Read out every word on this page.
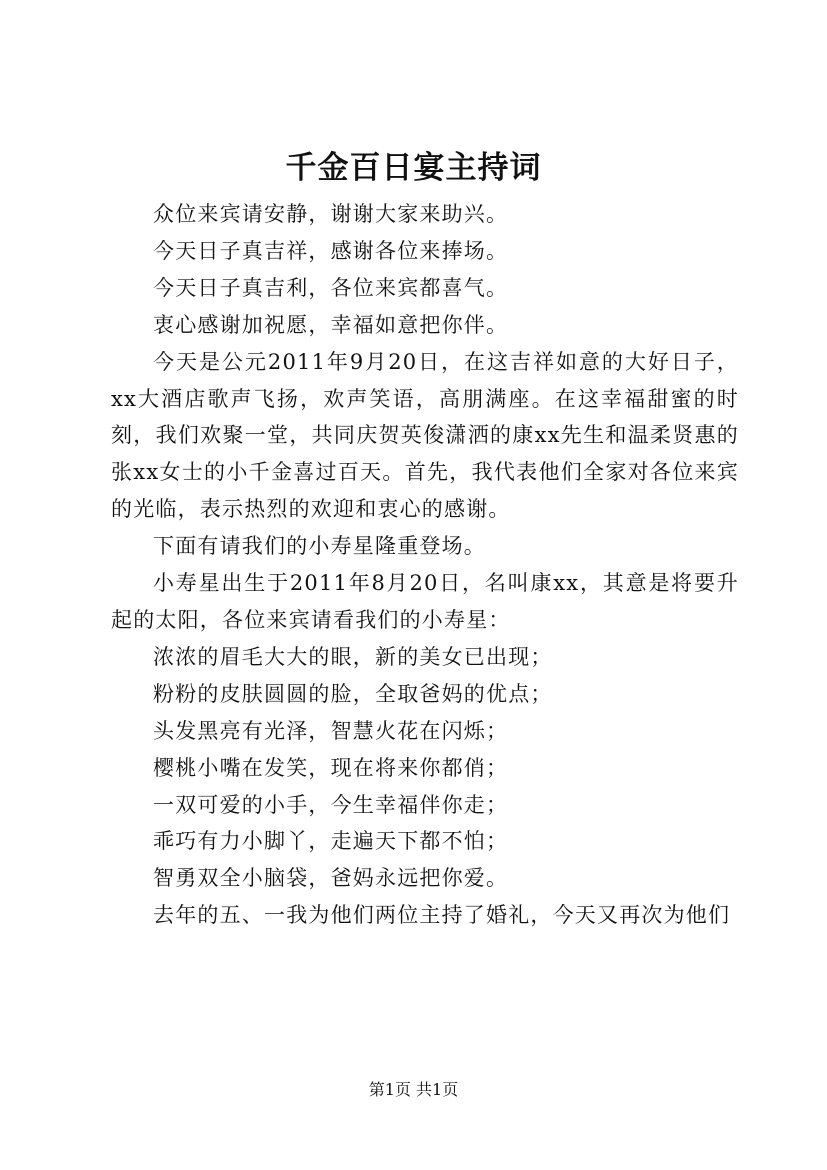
千金百日宴主持词

众位来宾请安静，谢谢大家来助兴。

今天日子真吉祥，感谢各位来捧场。

今天日子真吉利，各位来宾都喜气。

衷心感谢加祝愿，幸福如意把你伴。

今天是公元2011年9月20日，在这吉祥如意的大好日子，xx大酒店歌声飞扬，欢声笑语，高朋满座。在这幸福甜蜜的时刻，我们欢聚一堂，共同庆贺英俊潇洒的康xx先生和温柔贤惠的张xx女士的小千金喜过百天。首先，我代表他们全家对各位来宾的光临，表示热烈的欢迎和衷心的感谢。

下面有请我们的小寿星隆重登场。

小寿星出生于2011年8月20日，名叫康xx，其意是将要升起的太阳，各位来宾请看我们的小寿星：

浓浓的眉毛大大的眼，新的美女已出现；

粉粉的皮肤圆圆的脸，全取爸妈的优点；

头发黑亮有光泽，智慧火花在闪烁；

樱桃小嘴在发笑，现在将来你都俏；

一双可爱的小手，今生幸福伴你走；

乖巧有力小脚丫，走遍天下都不怕；

智勇双全小脑袋，爸妈永远把你爱。

去年的五、一我为他们两位主持了婚礼，今天又再次为他们

第1页 共1页
